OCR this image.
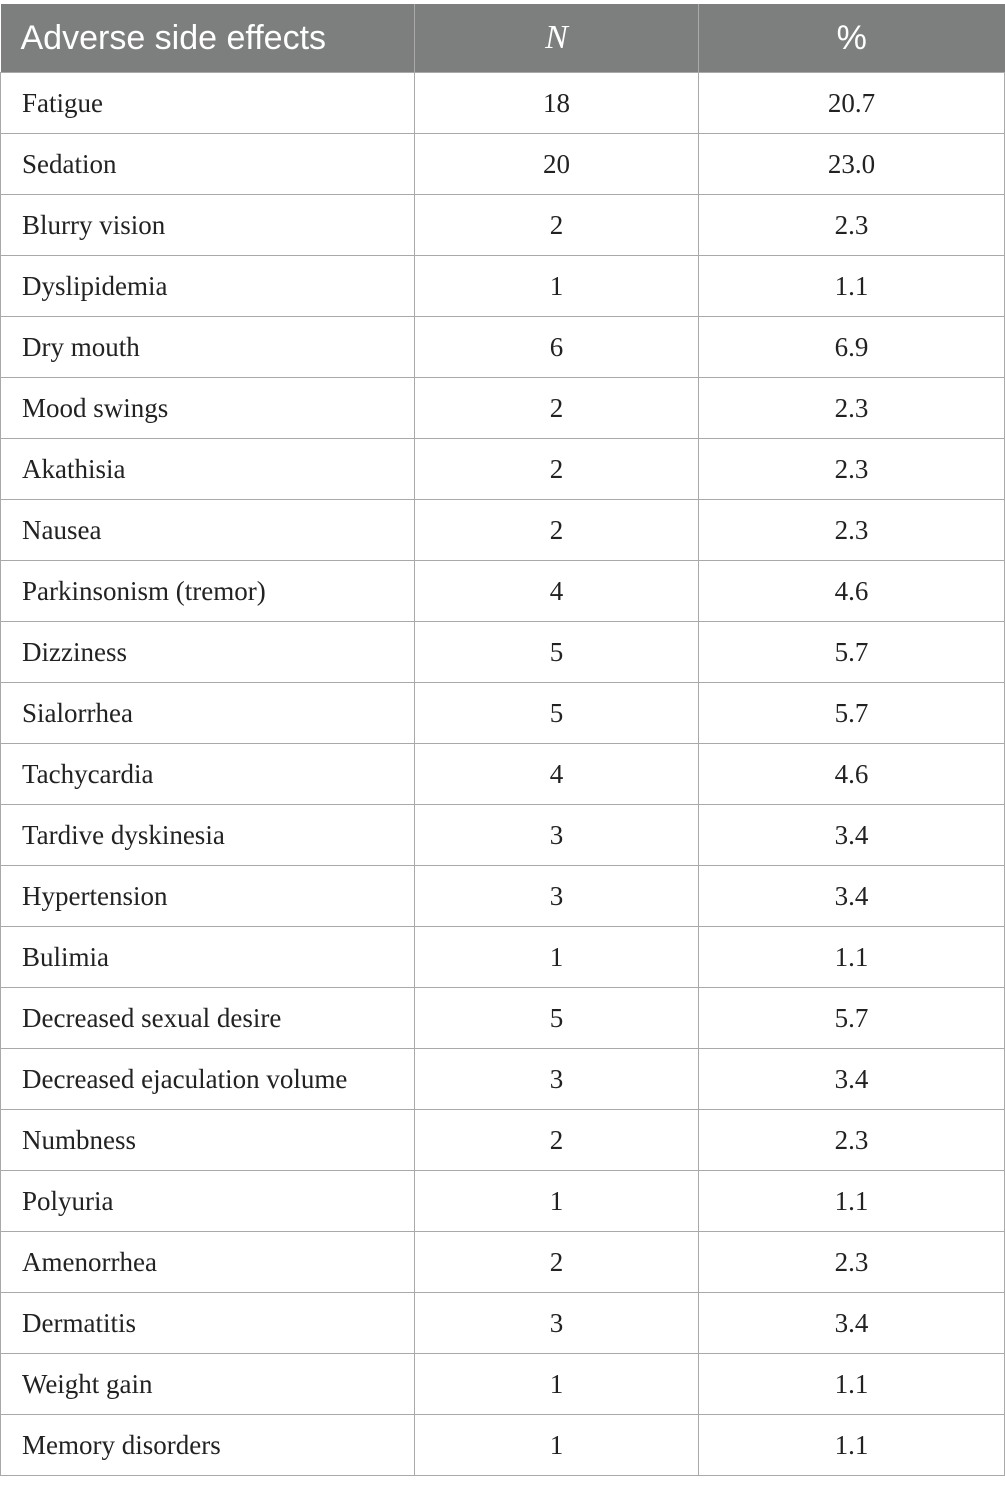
Adverse side effects	N	%
Fatigue	18	20.7
Sedation	20	23.0
Blurry vision	2	2.3
Dyslipidemia	1	1.1
Dry mouth	6	6.9
Mood swings	2	2.3
Akathisia	2	2.3
Nausea	2	2.3
Parkinsonism (tremor)	4	4.6
Dizziness	5	5.7
Sialorrhea	5	5.7
Tachycardia	4	4.6
Tardive dyskinesia	3	3.4
Hypertension	3	3.4
Bulimia	1	1.1
Decreased sexual desire	5	5.7
Decreased ejaculation volume	3	3.4
Numbness	2	2.3
Polyuria	1	1.1
Amenorrhea	2	2.3
Dermatitis	3	3.4
Weight gain	1	1.1
Memory disorders	1	1.1
